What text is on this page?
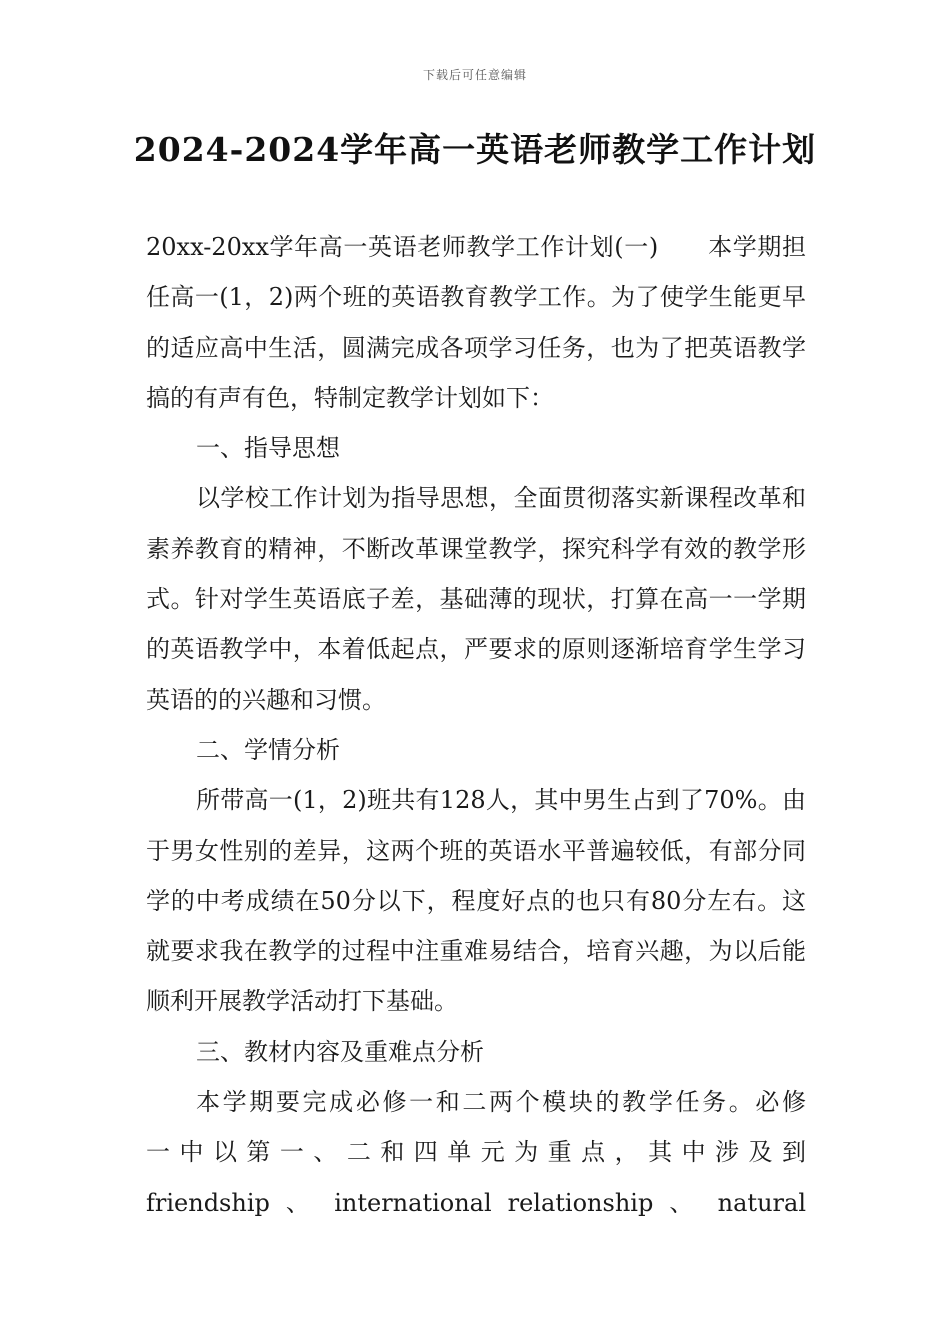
下载后可任意编辑
2024-2024学年高一英语老师教学工作计划

20xx-20xx学年高一英语老师教学工作计划(一)　　本学期担任高一(1，2)两个班的英语教育教学工作。为了使学生能更早的适应高中生活，圆满完成各项学习任务，也为了把英语教学搞的有声有色，特制定教学计划如下：

一、指导思想

以学校工作计划为指导思想，全面贯彻落实新课程改革和素养教育的精神，不断改革课堂教学，探究科学有效的教学形式。针对学生英语底子差，基础薄的现状，打算在高一一学期的英语教学中，本着低起点，严要求的原则逐渐培育学生学习英语的的兴趣和习惯。

二、学情分析

所带高一(1，2)班共有128人，其中男生占到了70%。由于男女性别的差异，这两个班的英语水平普遍较低，有部分同学的中考成绩在50分以下，程度好点的也只有80分左右。这就要求我在教学的过程中注重难易结合，培育兴趣，为以后能顺利开展教学活动打下基础。

三、教材内容及重难点分析

本学期要完成必修一和二两个模块的教学任务。必修

一中以第一、二和四单元为重点，其中涉及到

friendship 、 international relationship 、 natural
